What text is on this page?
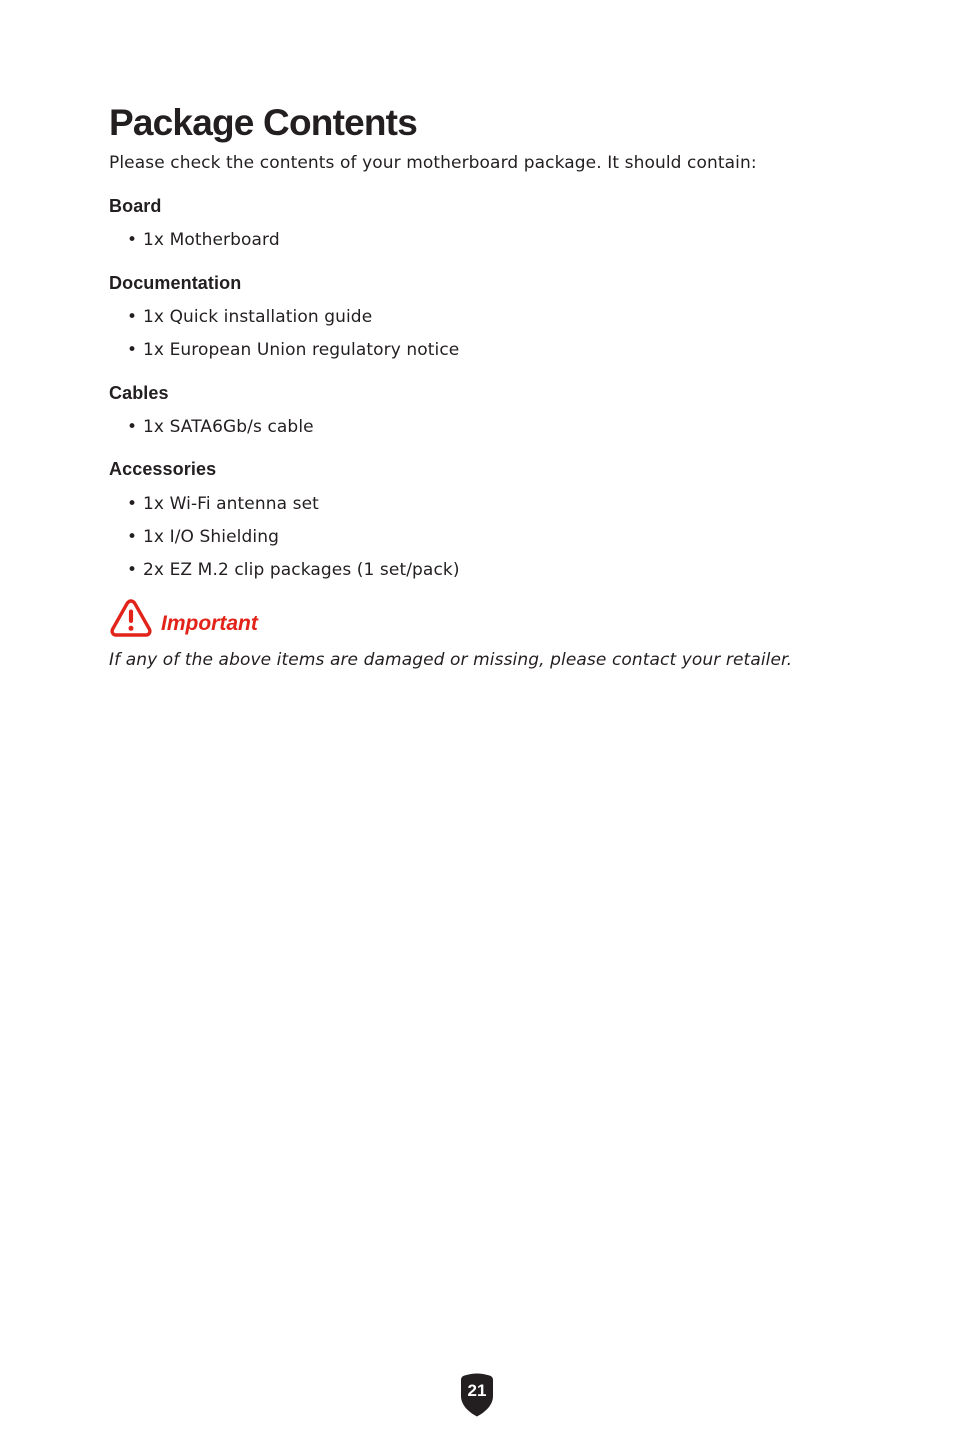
Package Contents

Please check the contents of your motherboard package. It should contain:

Board

• 1x Motherboard

Documentation

• 1x Quick installation guide

• 1x European Union regulatory notice

Cables

• 1x SATA6Gb/s cable

Accessories

• 1x Wi-Fi antenna set

• 1x I/O Shielding

• 2x EZ M.2 clip packages (1 set/pack)

Important

If any of the above items are damaged or missing, please contact your retailer.

21
